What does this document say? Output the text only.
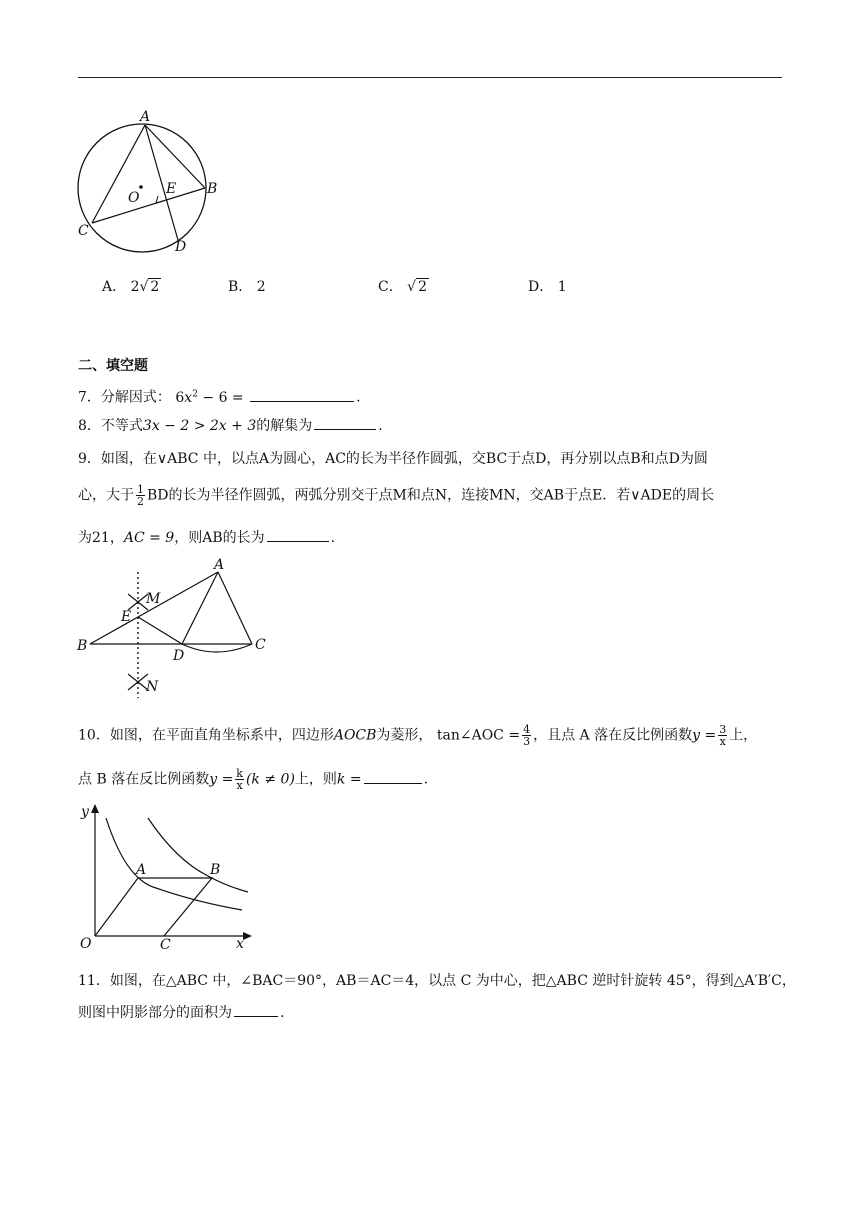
A
B
C
D
E
O
A． 2√ 2	B． 2	C． √ 2	D． 1
二、填空题
7．分解因式： $6x^2 - 6$ =	.
8．不等式3x − 2 > 2x + 3的解集为	.
9．如图，在∨ABC 中，以点A为圆心，AC的长为半径作圆弧，交BC于点D，再分别以点B和点D为圆
心，大于 $\frac{1}{2}$ BD的长为半径作圆弧，两弧分别交于点M和点N，连接MN，交AB于点E．若∨ADE的周长
为21，AC = 9，则AB的长为	.
A
B	C
D
E
M
N
10．如图，在平面直角坐标系中，四边形AOCB为菱形， tan∠AOC = $\frac{4}{3}$ ，且点 A 落在反比例函数$y = \frac{3}{x}$ 上，
点 B 落在反比例函数$y = \frac{k}{x} (k \ne 0)$上，则k =	.
y
x
O
A	B
C
11．如图，在△ABC 中，∠BAC＝90°，AB＝AC＝4，以点 C 为中心，把△ABC 逆时针旋转 45°，得到△A′B′C，
则图中阴影部分的面积为	.
